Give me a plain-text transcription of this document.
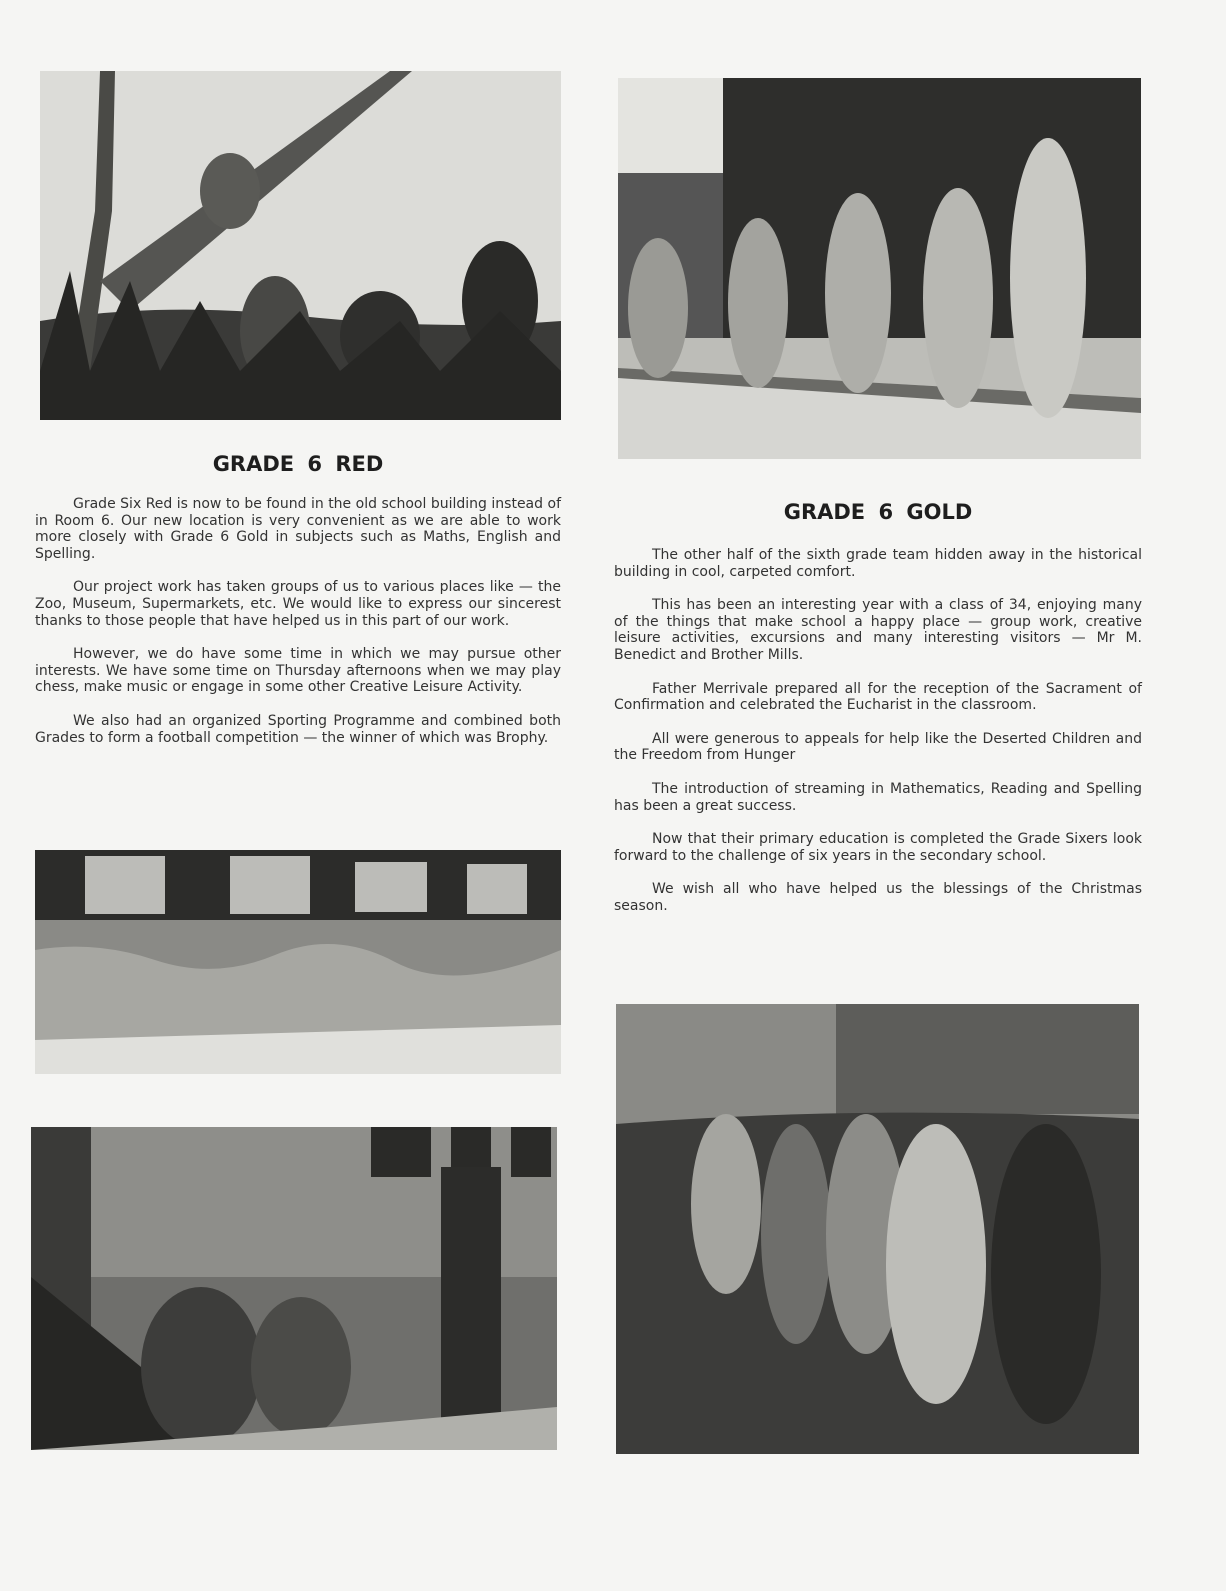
GRADE 6 RED

Grade Six Red is now to be found in the old school building instead of in Room 6. Our new location is very convenient as we are able to work more closely with Grade 6 Gold in subjects such as Maths, English and Spelling.

Our project work has taken groups of us to various places like — the Zoo, Museum, Supermarkets, etc. We would like to express our sincerest thanks to those people that have helped us in this part of our work.

However, we do have some time in which we may pursue other interests. We have some time on Thursday afternoons when we may play chess, make music or engage in some other Creative Leisure Activity.

We also had an organized Sporting Programme and combined both Grades to form a football competition — the winner of which was Brophy.

GRADE 6 GOLD

The other half of the sixth grade team hidden away in the historical building in cool, carpeted comfort.

This has been an interesting year with a class of 34, enjoying many of the things that make school a happy place — group work, creative leisure activities, excursions and many interesting visitors — Mr M. Benedict and Brother Mills.

Father Merrivale prepared all for the reception of the Sacrament of Confirmation and celebrated the Eucharist in the classroom.

All were generous to appeals for help like the Deserted Children and the Freedom from Hunger

The introduction of streaming in Mathematics, Reading and Spelling has been a great success.

Now that their primary education is completed the Grade Sixers look forward to the challenge of six years in the secondary school.

We wish all who have helped us the blessings of the Christmas season.
